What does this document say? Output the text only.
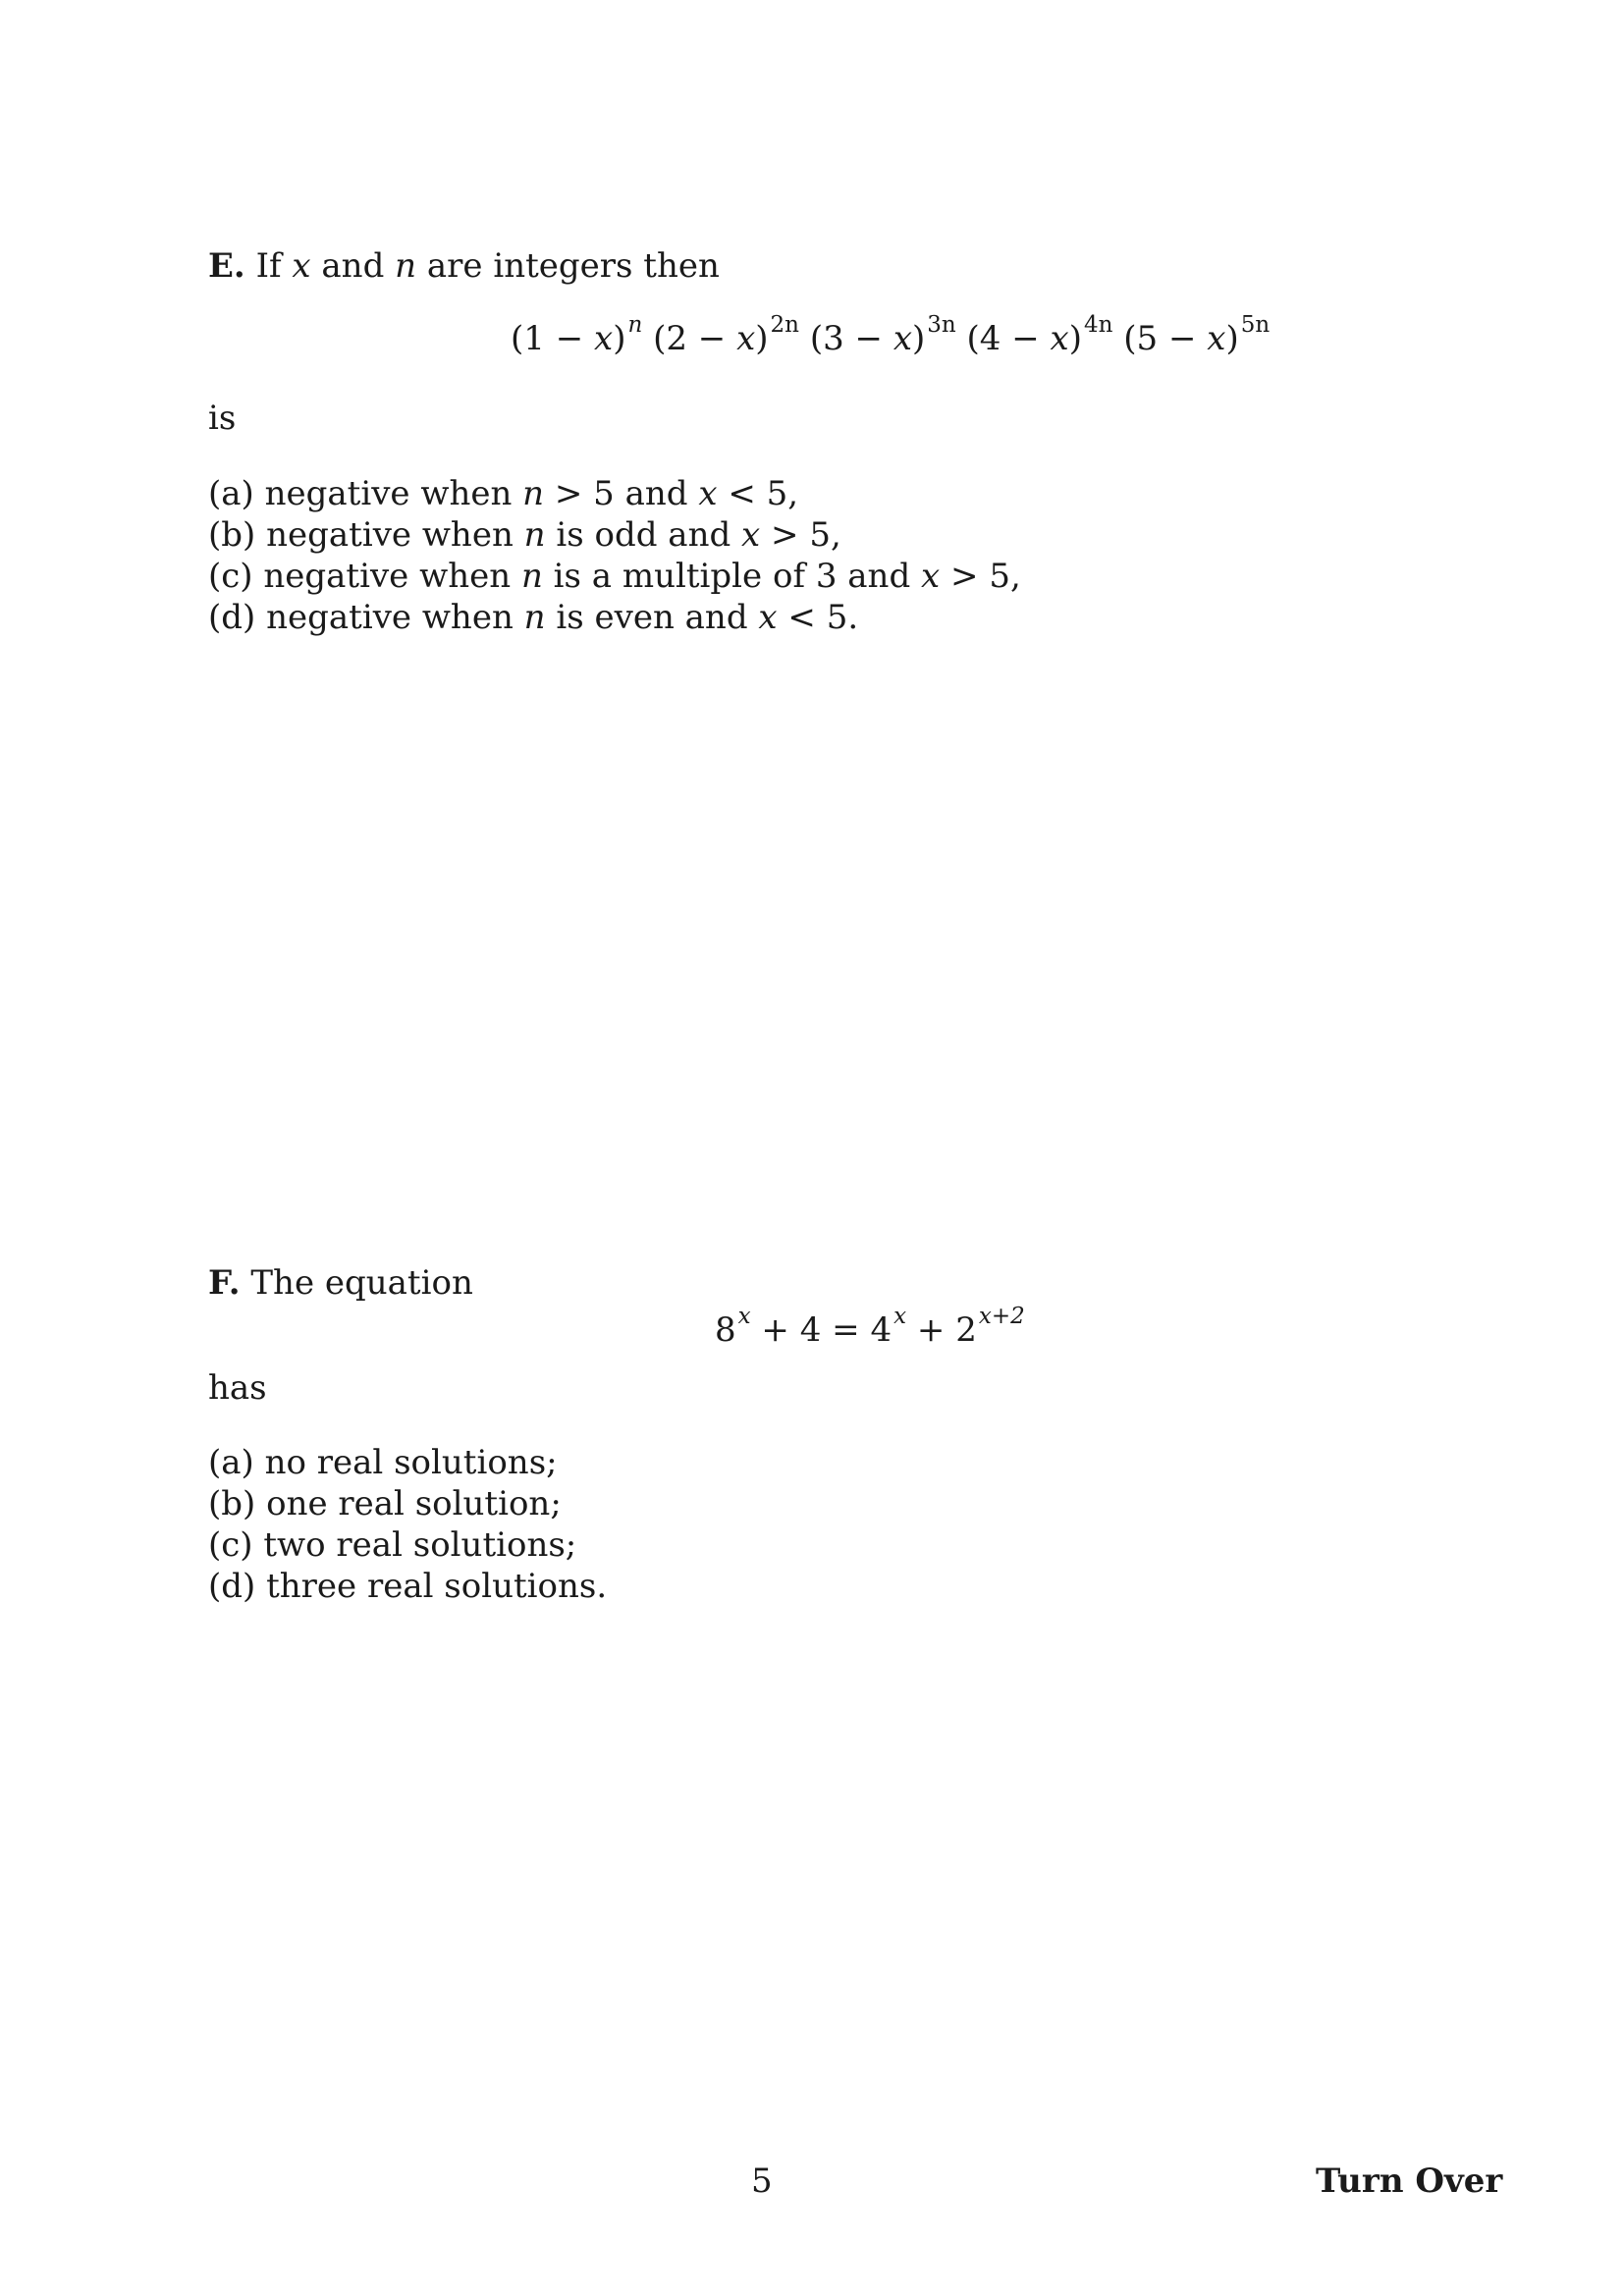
E. If x and n are integers then
$(1 - x)^n$ $(2 - x)^{2n}$ $(3 - x)^{3n}$ $(4 - x)^{4n}$ $(5 - x)^{5n}$
is
(a) negative when n > 5 and x < 5,
(b) negative when n is odd and x > 5,
(c) negative when n is a multiple of 3 and x > 5,
(d) negative when n is even and x < 5.
F. The equation
$8^x + 4 = 4^x + 2^{x+2}$
has
(a) no real solutions;
(b) one real solution;
(c) two real solutions;
(d) three real solutions.
5	Turn Over
